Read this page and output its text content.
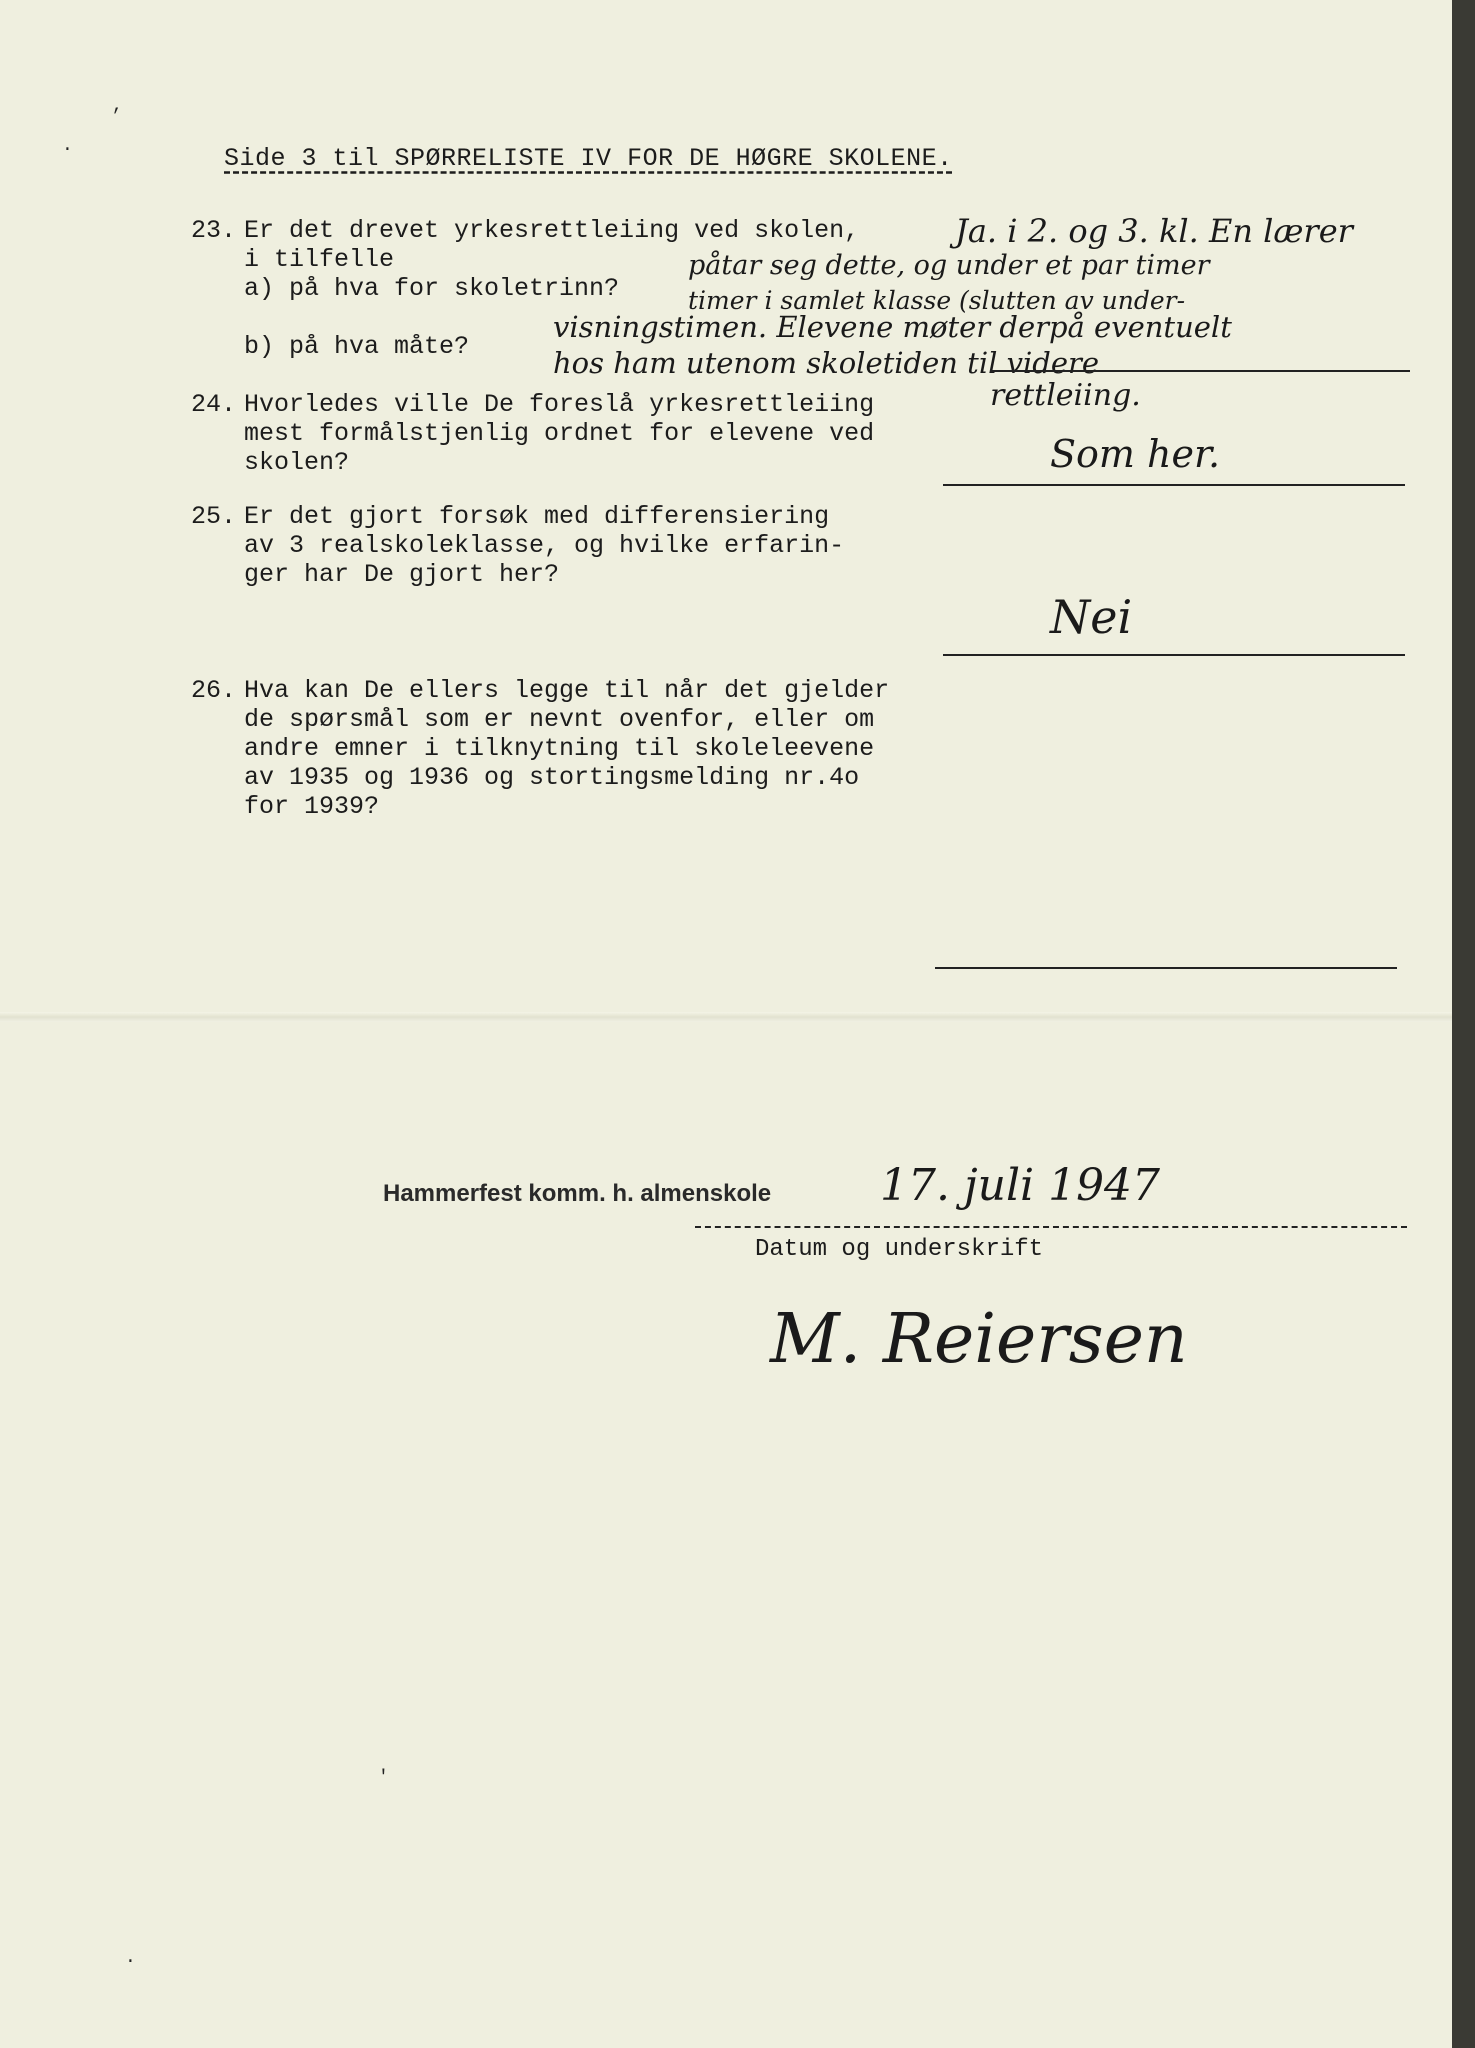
,
·	Side 3 til SPØRRELISTE IV FOR DE HØGRE SKOLENE.

23.

Er det drevet yrkesrettleiing ved skolen,
i tilfelle
a) på hva for skoletrinn?

b) på hva måte?

Ja. i 2. og 3. kl. En lærer
påtar seg dette, og under et par timer
timer i samlet klasse (slutten av under-
visningstimen. Elevene møter derpå eventuelt
hos ham utenom skoletiden til videre
rettleiing.

24.

Hvorledes ville De foreslå yrkesrettleiing
mest formålstjenlig ordnet for elevene ved
skolen?

	Som her.

25.

Er det gjort forsøk med differensiering
av 3 realskoleklasse, og hvilke erfarin-
ger har De gjort her?

Nei

26.

Hva kan De ellers legge til når det gjelder
de spørsmål som er nevnt ovenfor, eller om
andre emner i tilknytning til skoleleevene
av 1935 og 1936 og stortingsmelding nr.4o
for 1939?

Hammerfest komm. h. almenskole 17. juli 1947
Datum og underskrift
M. Reiersen
'
.
